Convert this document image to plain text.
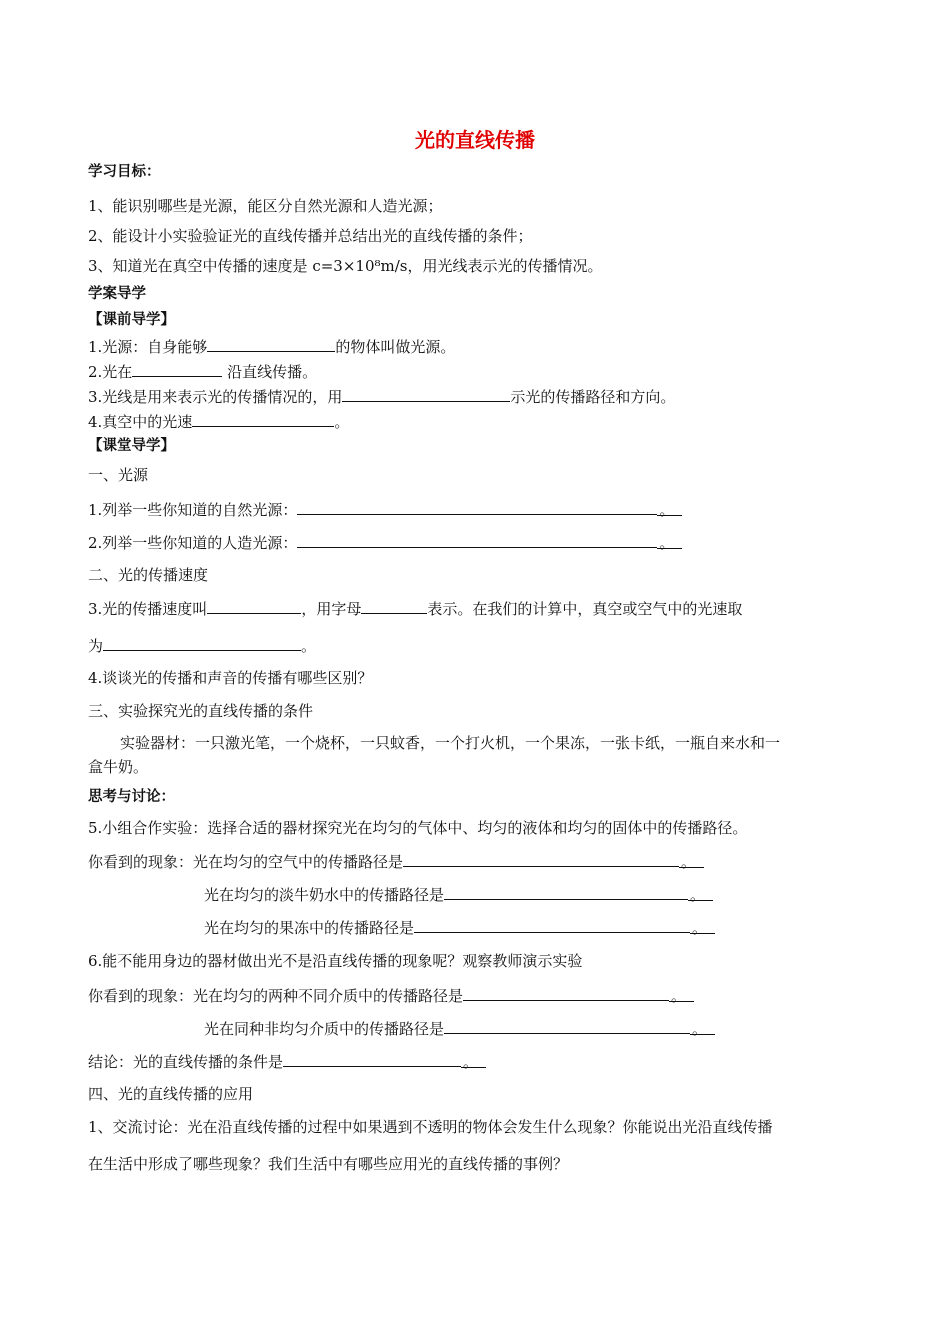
光的直线传播
学习目标：
1、能识别哪些是光源，能区分自然光源和人造光源；
2、能设计小实验验证光的直线传播并总结出光的直线传播的条件；
3、知道光在真空中传播的速度是 c=3×10⁸m/s，用光线表示光的传播情况。
学案导学
【课前导学】
1.光源：自身能够	的物体叫做光源。
2.光在	沿直线传播。
3.光线是用来表示光的传播情况的，用	示光的传播路径和方向。
4.真空中的光速	。
【课堂导学】
一、光源
1.列举一些你知道的自然光源：	。
2.列举一些你知道的人造光源：	。
二、光的传播速度
3.光的传播速度叫	，用字母	表示。在我们的计算中，真空或空气中的光速取
为	。
4.谈谈光的传播和声音的传播有哪些区别？
三、实验探究光的直线传播的条件
实验器材：一只激光笔，一个烧杯，一只蚊香，一个打火机，一个果冻，一张卡纸，一瓶自来水和一
盒牛奶。
思考与讨论：
5.小组合作实验：选择合适的器材探究光在均匀的气体中、均匀的液体和均匀的固体中的传播路径。
你看到的现象：光在均匀的空气中的传播路径是	。
光在均匀的淡牛奶水中的传播路径是	。
光在均匀的果冻中的传播路径是	。
6.能不能用身边的器材做出光不是沿直线传播的现象呢？观察教师演示实验
你看到的现象：光在均匀的两种不同介质中的传播路径是	。
光在同种非均匀介质中的传播路径是	。
结论：光的直线传播的条件是	。
四、光的直线传播的应用
1、交流讨论：光在沿直线传播的过程中如果遇到不透明的物体会发生什么现象？你能说出光沿直线传播
在生活中形成了哪些现象？我们生活中有哪些应用光的直线传播的事例？
